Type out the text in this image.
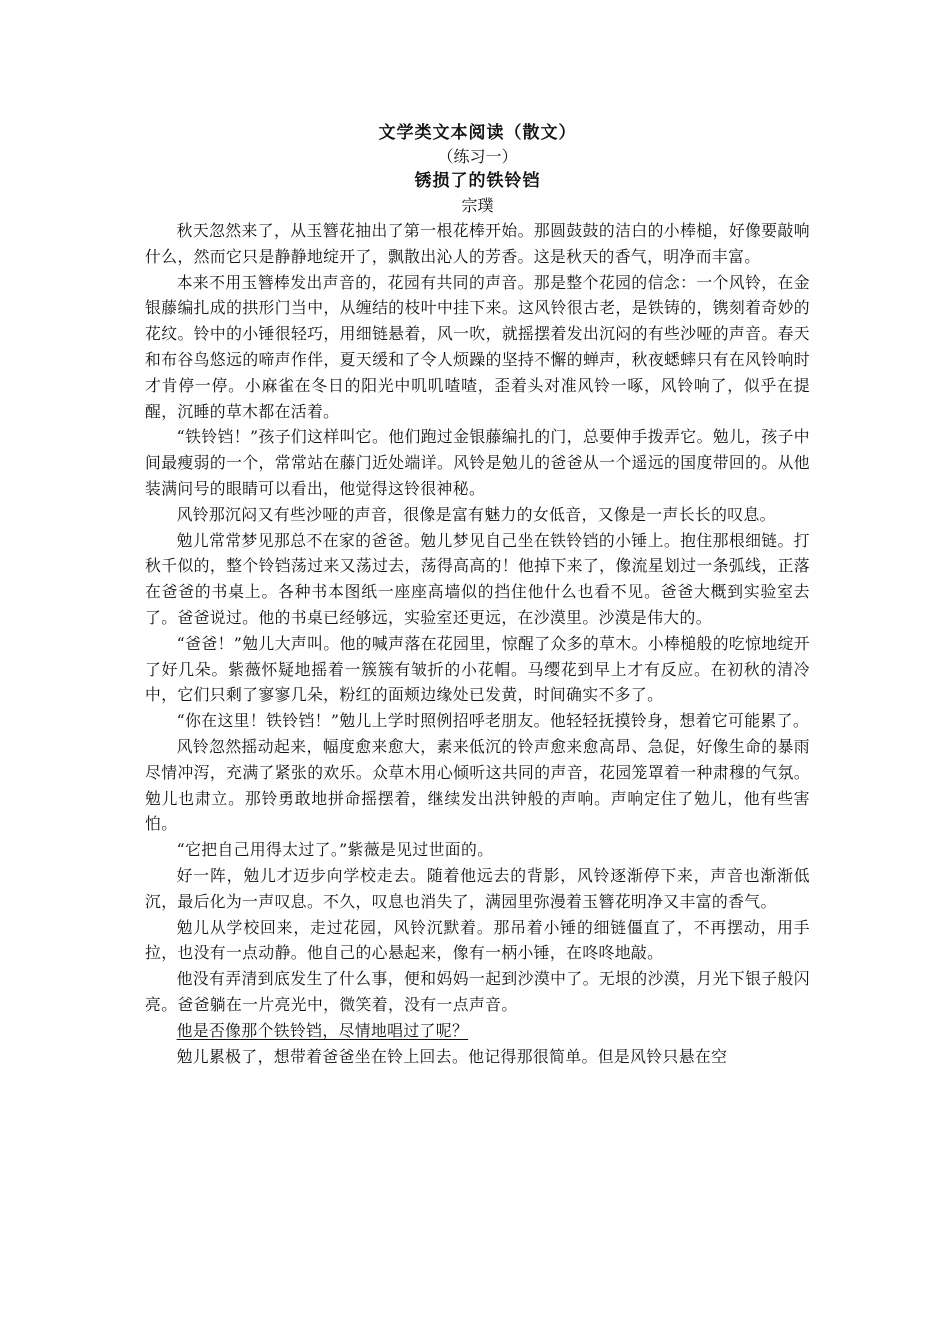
文学类文本阅读（散文）
（练习一）
锈损了的铁铃铛
宗璞

秋天忽然来了，从玉簪花抽出了第一根花棒开始。那圆鼓鼓的洁白的小棒槌，好像要敲响什么，然而它只是静静地绽开了，飘散出沁人的芳香。这是秋天的香气，明净而丰富。

本来不用玉簪棒发出声音的，花园有共同的声音。那是整个花园的信念：一个风铃，在金银藤编扎成的拱形门当中，从缠结的枝叶中挂下来。这风铃很古老，是铁铸的，镌刻着奇妙的花纹。铃中的小锤很轻巧，用细链悬着，风一吹，就摇摆着发出沉闷的有些沙哑的声音。春天和布谷鸟悠远的啼声作伴，夏天缓和了令人烦躁的坚持不懈的蝉声，秋夜蟋蟀只有在风铃响时才肯停一停。小麻雀在冬日的阳光中叽叽喳喳，歪着头对准风铃一啄，风铃响了，似乎在提醒，沉睡的草木都在活着。

“铁铃铛！”孩子们这样叫它。他们跑过金银藤编扎的门，总要伸手拨弄它。勉儿，孩子中间最瘦弱的一个，常常站在藤门近处端详。风铃是勉儿的爸爸从一个遥远的国度带回的。从他装满问号的眼睛可以看出，他觉得这铃很神秘。

风铃那沉闷又有些沙哑的声音，很像是富有魅力的女低音，又像是一声长长的叹息。

勉儿常常梦见那总不在家的爸爸。勉儿梦见自己坐在铁铃铛的小锤上。抱住那根细链。打秋千似的，整个铃铛荡过来又荡过去，荡得高高的！他掉下来了，像流星划过一条弧线，正落在爸爸的书桌上。各种书本图纸一座座高墙似的挡住他什么也看不见。爸爸大概到实验室去了。爸爸说过。他的书桌已经够远，实验室还更远，在沙漠里。沙漠是伟大的。

“爸爸！”勉儿大声叫。他的喊声落在花园里，惊醒了众多的草木。小棒槌般的吃惊地绽开了好几朵。紫薇怀疑地摇着一簇簇有皱折的小花帽。马缨花到早上才有反应。在初秋的清冷中，它们只剩了寥寥几朵，粉红的面颊边缘处已发黄，时间确实不多了。

“你在这里！铁铃铛！”勉儿上学时照例招呼老朋友。他轻轻抚摸铃身，想着它可能累了。

风铃忽然摇动起来，幅度愈来愈大，素来低沉的铃声愈来愈高昂、急促，好像生命的暴雨尽情冲泻，充满了紧张的欢乐。众草木用心倾听这共同的声音，花园笼罩着一种肃穆的气氛。勉儿也肃立。那铃勇敢地拼命摇摆着，继续发出洪钟般的声响。声响定住了勉儿，他有些害怕。

“它把自己用得太过了。”紫薇是见过世面的。

好一阵，勉儿才迈步向学校走去。随着他远去的背影，风铃逐渐停下来，声音也渐渐低沉，最后化为一声叹息。不久，叹息也消失了，满园里弥漫着玉簪花明净又丰富的香气。

勉儿从学校回来，走过花园，风铃沉默着。那吊着小锤的细链僵直了，不再摆动，用手拉，也没有一点动静。他自己的心悬起来，像有一柄小锤，在咚咚地敲。

他没有弄清到底发生了什么事，便和妈妈一起到沙漠中了。无垠的沙漠，月光下银子般闪亮。爸爸躺在一片亮光中，微笑着，没有一点声音。

他是否像那个铁铃铛，尽情地唱过了呢？

勉儿累极了，想带着爸爸坐在铃上回去。他记得那很简单。但是风铃只悬在空
